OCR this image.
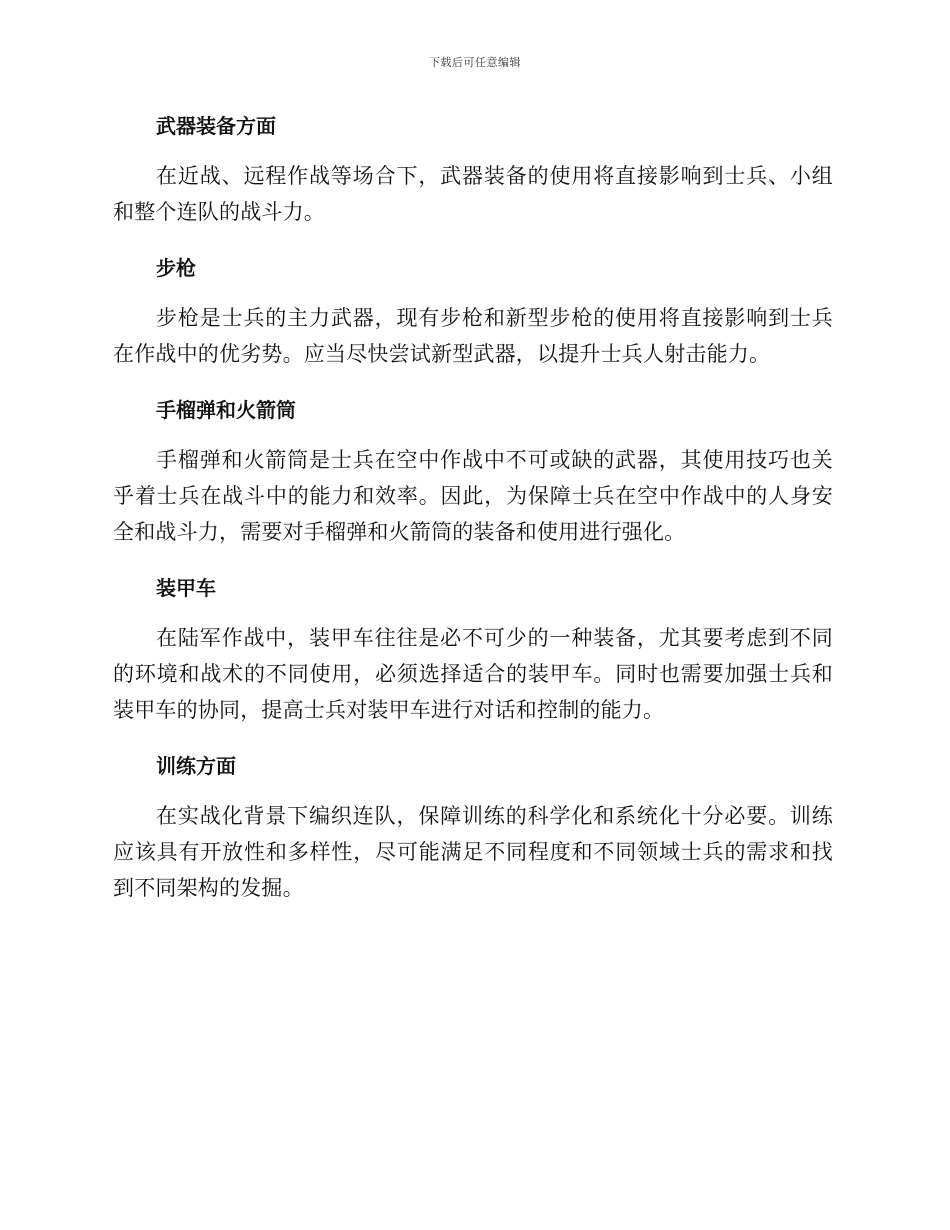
下载后可任意编辑
武器装备方面

在近战、远程作战等场合下，武器装备的使用将直接影响到士兵、小组和整个连队的战斗力。

步枪

步枪是士兵的主力武器，现有步枪和新型步枪的使用将直接影响到士兵在作战中的优劣势。应当尽快尝试新型武器，以提升士兵人射击能力。

手榴弹和火箭筒

手榴弹和火箭筒是士兵在空中作战中不可或缺的武器，其使用技巧也关乎着士兵在战斗中的能力和效率。因此，为保障士兵在空中作战中的人身安全和战斗力，需要对手榴弹和火箭筒的装备和使用进行强化。

装甲车

在陆军作战中，装甲车往往是必不可少的一种装备，尤其要考虑到不同的环境和战术的不同使用，必须选择适合的装甲车。同时也需要加强士兵和装甲车的协同，提高士兵对装甲车进行对话和控制的能力。

训练方面

在实战化背景下编织连队，保障训练的科学化和系统化十分必要。训练应该具有开放性和多样性，尽可能满足不同程度和不同领域士兵的需求和找到不同架构的发掘。
